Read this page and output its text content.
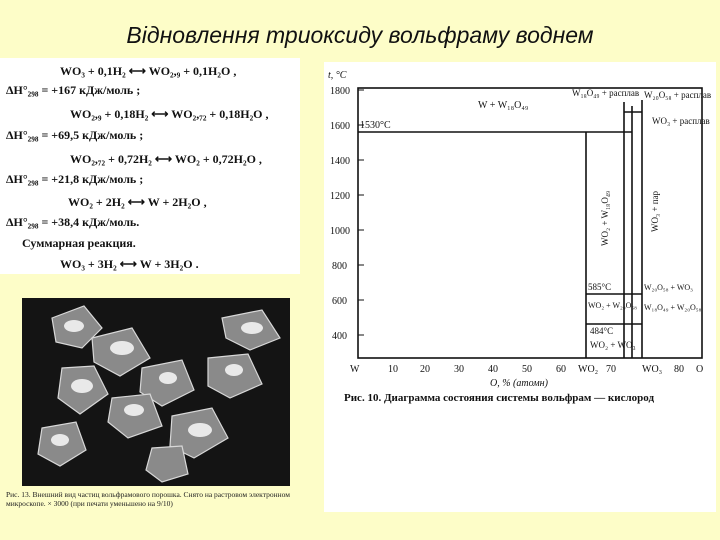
Відновлення триоксиду вольфраму воднем
WO₃ + 0,1H₂ ⟷ WO₂,₉ + 0,1H₂O ,
ΔH°₂₉₈ = +167 кДж/моль ;
WO₂,₉ + 0,18H₂ ⟷ WO₂,₇₂ + 0,18H₂O ,
ΔH°₂₉₈ = +69,5 кДж/моль ;
WO₂,₇₂ + 0,72H₂ ⟷ WO₂ + 0,72H₂O ,
ΔH°₂₉₈ = +21,8 кДж/моль ;
WO₂ + 2H₂ ⟷ W + 2H₂O ,
ΔH°₂₉₈ = +38,4 кДж/моль.
Суммарная реакция.
WO₃ + 3H₂ ⟷ W + 3H₂O .
Рис. 13. Внешний вид частиц вольфрамового порошка. Снято на растровом электронном микроскопе. × 3000 (при печати уменьшено на 9/10)
t, °C
1800
1600
1400
1200
1000
800
600
400
W	10 20 30 40 50 60 WO₂ 70	WO₃ 80 O
O, % (атомн)
1530°C
W + W₁₈O₄₉
W₁₈O₄₉ + расплав W₂₀O₅₈ + расплав
WO₃ + расплав
WO₂ + W₁₈O₄₉	WO₃ + пар
585°C	W₂₀O₅₈ + WO₃
WO₂ + W₂₀O₅₈ W₁₈O₄₉ + W₂₀O₅₈
484°C
WO₂ + WO₃
Рис. 10. Диаграмма состояния системы вольфрам — кислород
